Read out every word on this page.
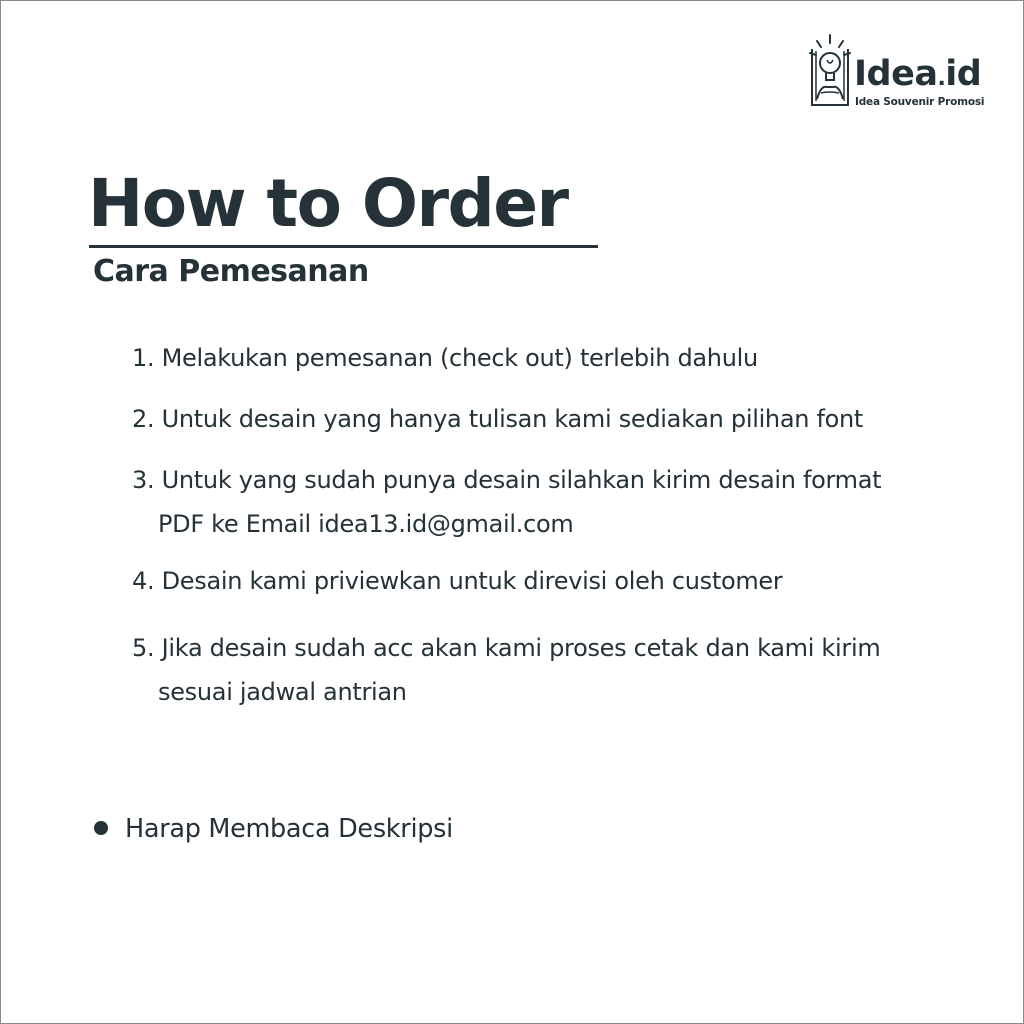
Idea.id
Idea Souvenir Promosi
How to Order
Cara Pemesanan
1. Melakukan pemesanan (check out) terlebih dahulu
2. Untuk desain yang hanya tulisan kami sediakan pilihan font
3. Untuk yang sudah punya desain silahkan kirim desain format
PDF ke Email idea13.id@gmail.com
4. Desain kami priviewkan untuk direvisi oleh customer
5. Jika desain sudah acc akan kami proses cetak dan kami kirim
sesuai jadwal antrian
Harap Membaca Deskripsi
